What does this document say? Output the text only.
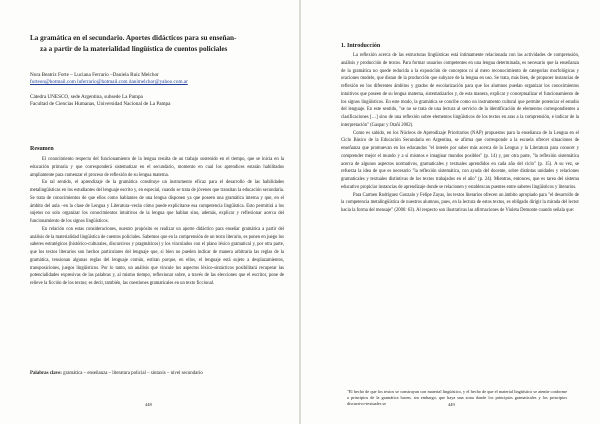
La gramática en el secundario. Aportes didácticos para su enseñan-
za a partir de la materialidad lingüística de cuentos policiales
Nora Beatriz Forte – Luciana Ferrario –Daniela Ruiz Melchor
forteon@hotmail.com luferrario@hotmail.com danimelchor@yahoo.com.ar
Cátedra UNESCO, sede Argentina, subsede La Pampa
Facultad de Ciencias Humanas, Universidad Nacional de La Pampa
Resumen

El conocimiento respecto del funcionamiento de la lengua resulta de un trabajo sostenido en el tiempo, que se inicia en la educación primaria y que corresponderá sistematizar en el secundario, momento en cual los aprendices estarán habilitados ampliamente para comenzar el proceso de reflexión de su lengua materna.

En tal sentido, el aprendizaje de la gramática constituye un instrumento eficaz para el desarrollo de las habilidades metalingüísticas en los estudiantes del lenguaje escrito y, en especial, cuando se trata de jóvenes que transitan la educación secundaria. Se trata de conocimientos de que ellos como hablantes de una lengua disponen ya que poseen una gramática interna y que, en el ámbito del aula –en la clase de Lengua y Literatura–verán cómo puede explicitarse esa competencia lingüística. Esto permitirá a los sujetos no solo organizar los conocimientos intuitivos de la lengua que hablan sino, además, explicar y reflexionar acerca del funcionamiento de los signos lingüísticos.

En relación con estas consideraciones, nuestro propósito es realizar un aporte didáctico para enseñar gramática a partir del análisis de la materialidad lingüística de cuentos policiales. Sabemos que en la comprensión de un texto literario, es ponen en juego los saberes estratégicos (histórico-culturales, discursivos y pragmáticos) y los vinculados con el plano léxico gramatical y, por otra parte, que los textos literarios son hechos particulares del lenguaje que, si bien no pueden indicar de manera arbitraria las reglas de la gramática, tensionan algunas reglas del lenguaje común, estiran porque, en ellos, el lenguaje está sujeto a desplazamientos, transposiciones, juegos lingüísticos. Por lo tanto, un análisis que vincule los aspectos léxico-sintácticos posibilitará recuperar las potencialidades expresivas de las palabras y, al mismo tiempo, reflexionar sobre, a través de las elecciones que el escritor, pone de relieve la ficción de los textos; es decir, también, las cuestiones gramaticales en un texto ficcional.

Palabras clave: gramática – enseñanza – literatura policial – sintaxis – nivel secundario
448
1. Introducción

La reflexión acerca de las estructuras lingüísticas está íntimamente relacionada con las actividades de comprensión, análisis y producción de textos. Para formar usuarios competentes en una lengua determinada, es necesario que la enseñanza de la gramática no quede reducida a la exposición de conceptos ni al mero reconocimiento de categorías morfológicas y oraciones modelo, que distan de la producción que subyace de la lengua en uso. Se trata, más bien, de proponer instancias de reflexión en los diferentes ámbitos y grados de escolarización para que los alumnos puedan organizar los conocimientos intuitivos que poseen de su lengua materna, sistematizarlos y, de esta manera, explicar y conceptualizar el funcionamiento de los signos lingüísticos. En este modo, la gramática se concibe como un instrumento cultural que permite potenciar el estudio del lenguaje. En este sentido, "se no se trata de una lectura al servicio de la identificación de elementos correspondientes a clasificaciones […] sino de una reflexión sobre elementos lingüísticos de los textos en aras a la comprensión, e indicar de la interpretación" (Gaspar y Otañi 2002).

Como es sabido, en los Núcleos de Aprendizaje Prioritarios (NAP) propuestos para la enseñanza de la Lengua en el Ciclo Básico de la Educación Secundaria en Argentina, se afirma que corresponde a la escuela ofrecer situaciones de enseñanza que promuevan en los educandos "el interés por saber más acerca de la Lengua y la Literatura para conocer y comprender mejor el mundo y a sí mismos e imaginar mundos posibles" (p. 14) y, por otra parte, "la reflexión sistemática acerca de algunos aspectos normativos, gramaticales y textuales aprendidos en cada año del ciclo" (p. 15). A su vez, se refuerza la idea de que es necesario "la reflexión sistemática, con ayuda del docente, sobre distintas unidades y relaciones gramaticales y textuales distintivas de los textos trabajados en el año" (p. 24). Mientras, entonces, que es tarea del sistema educativo propiciar instancias de aprendizaje donde se relacionen y establezcan puentes entre saberes lingüísticos y literarios.

Para Carmen Rodríguez Gonzalo y Felipe Zayas, los textos literarios ofrecen un ámbito apropiado para "el desarrollo de la competencia metalingüística de nuestros alumnos, pues, en la lectura de estos textos, es obligado dirigir la mirada del lector hacia la forma del mensaje" (2006: 63). Al respecto son ilustrativas las afirmaciones de Violeta Demonte cuando señala que:

"El hecho de que los textos se construyan con material lingüístico, y el hecho de que el material lingüístico se atenúe conforme a principios de la gramática hacen, sin embargo, que haya una zona donde los principios gramaticales y los principios discursivo-textuales se	449
